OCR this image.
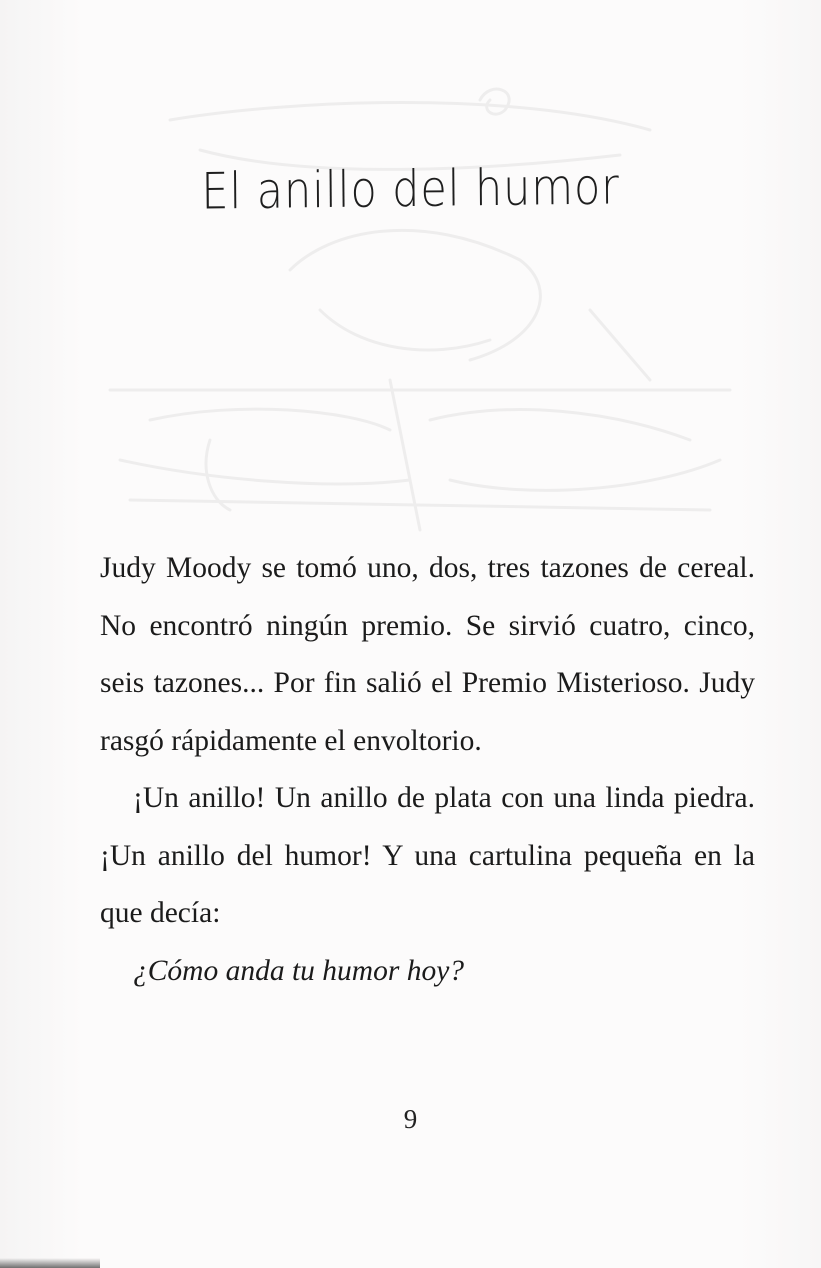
El anillo del humor

Judy Moody se tomó uno, dos, tres tazones de cereal. No encontró ningún premio. Se sirvió cuatro, cinco, seis tazones... Por fin salió el Premio Misterioso. Judy rasgó rápidamente el envoltorio.

¡Un anillo! Un anillo de plata con una linda piedra. ¡Un anillo del humor! Y una cartulina pequeña en la que decía:

¿Cómo anda tu humor hoy?

9
